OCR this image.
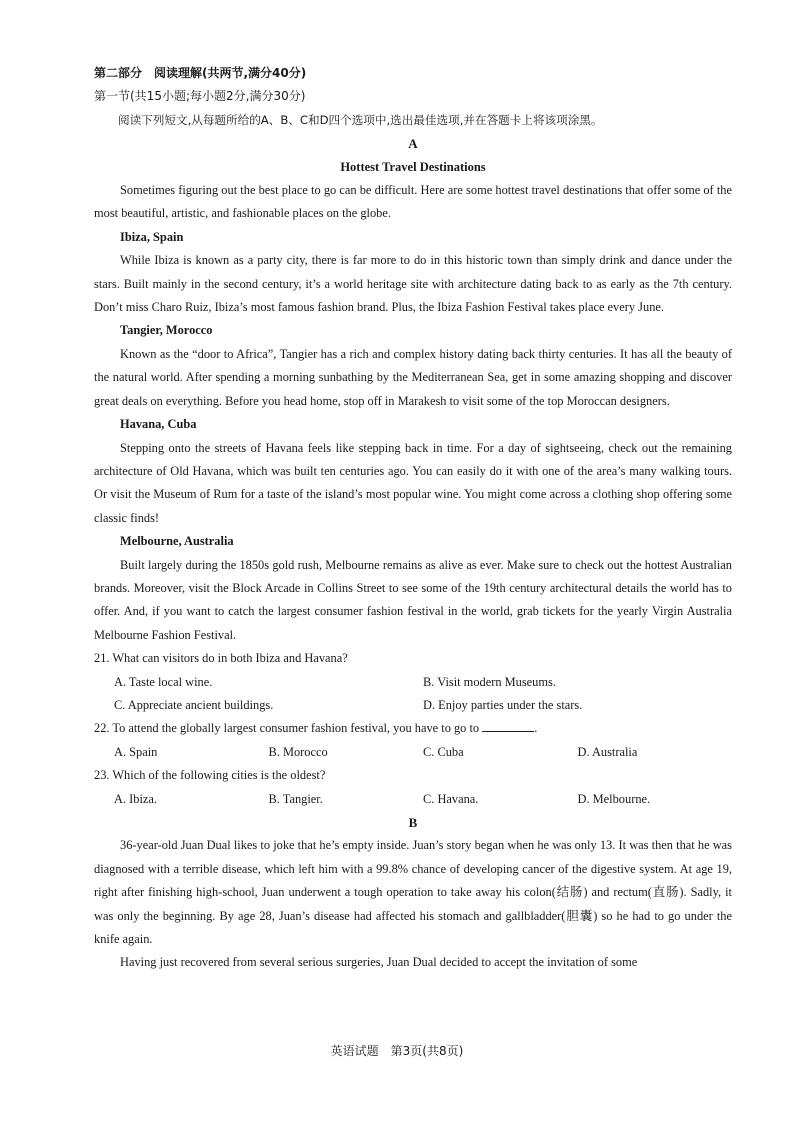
第二部分　阅读理解(共两节,满分40分)
第一节(共15小题;每小题2分,满分30分)
阅读下列短文,从每题所给的A、B、C和D四个选项中,选出最佳选项,并在答题卡上将该项涂黑。
A
Hottest Travel Destinations

Sometimes figuring out the best place to go can be difficult. Here are some hottest travel destinations that offer some of the most beautiful, artistic, and fashionable places on the globe.

Ibiza, Spain

While Ibiza is known as a party city, there is far more to do in this historic town than simply drink and dance under the stars. Built mainly in the second century, it’s a world heritage site with architecture dating back to as early as the 7th century. Don’t miss Charo Ruiz, Ibiza’s most famous fashion brand. Plus, the Ibiza Fashion Festival takes place every June.

Tangier, Morocco

Known as the “door to Africa”, Tangier has a rich and complex history dating back thirty centuries. It has all the beauty of the natural world. After spending a morning sunbathing by the Mediterranean Sea, get in some amazing shopping and discover great deals on everything. Before you head home, stop off in Marakesh to visit some of the top Moroccan designers.

Havana, Cuba

Stepping onto the streets of Havana feels like stepping back in time. For a day of sightseeing, check out the remaining architecture of Old Havana, which was built ten centuries ago. You can easily do it with one of the area’s many walking tours. Or visit the Museum of Rum for a taste of the island’s most popular wine. You might come across a clothing shop offering some classic finds!

Melbourne, Australia

Built largely during the 1850s gold rush, Melbourne remains as alive as ever. Make sure to check out the hottest Australian brands. Moreover, visit the Block Arcade in Collins Street to see some of the 19th century architectural details the world has to offer. And, if you want to catch the largest consumer fashion festival in the world, grab tickets for the yearly Virgin Australia Melbourne Fashion Festival.

21. What can visitors do in both Ibiza and Havana?
A. Taste local wine.	B. Visit modern Museums.
C. Appreciate ancient buildings.	D. Enjoy parties under the stars.
22. To attend the globally largest consumer fashion festival, you have to go to	.
A. Spain	B. Morocco	C. Cuba	D. Australia
23. Which of the following cities is the oldest?
A. Ibiza.	B. Tangier.	C. Havana.	D. Melbourne.
B

36-year-old Juan Dual likes to joke that he’s empty inside. Juan’s story began when he was only 13. It was then that he was diagnosed with a terrible disease, which left him with a 99.8% chance of developing cancer of the digestive system. At age 19, right after finishing high-school, Juan underwent a tough operation to take away his colon(结肠) and rectum(直肠). Sadly, it was only the beginning. By age 28, Juan’s disease had affected his stomach and gallbladder(胆囊) so he had to go under the knife again.

Having just recovered from several serious surgeries, Juan Dual decided to accept the invitation of some

英语试题　第3页(共8页)
